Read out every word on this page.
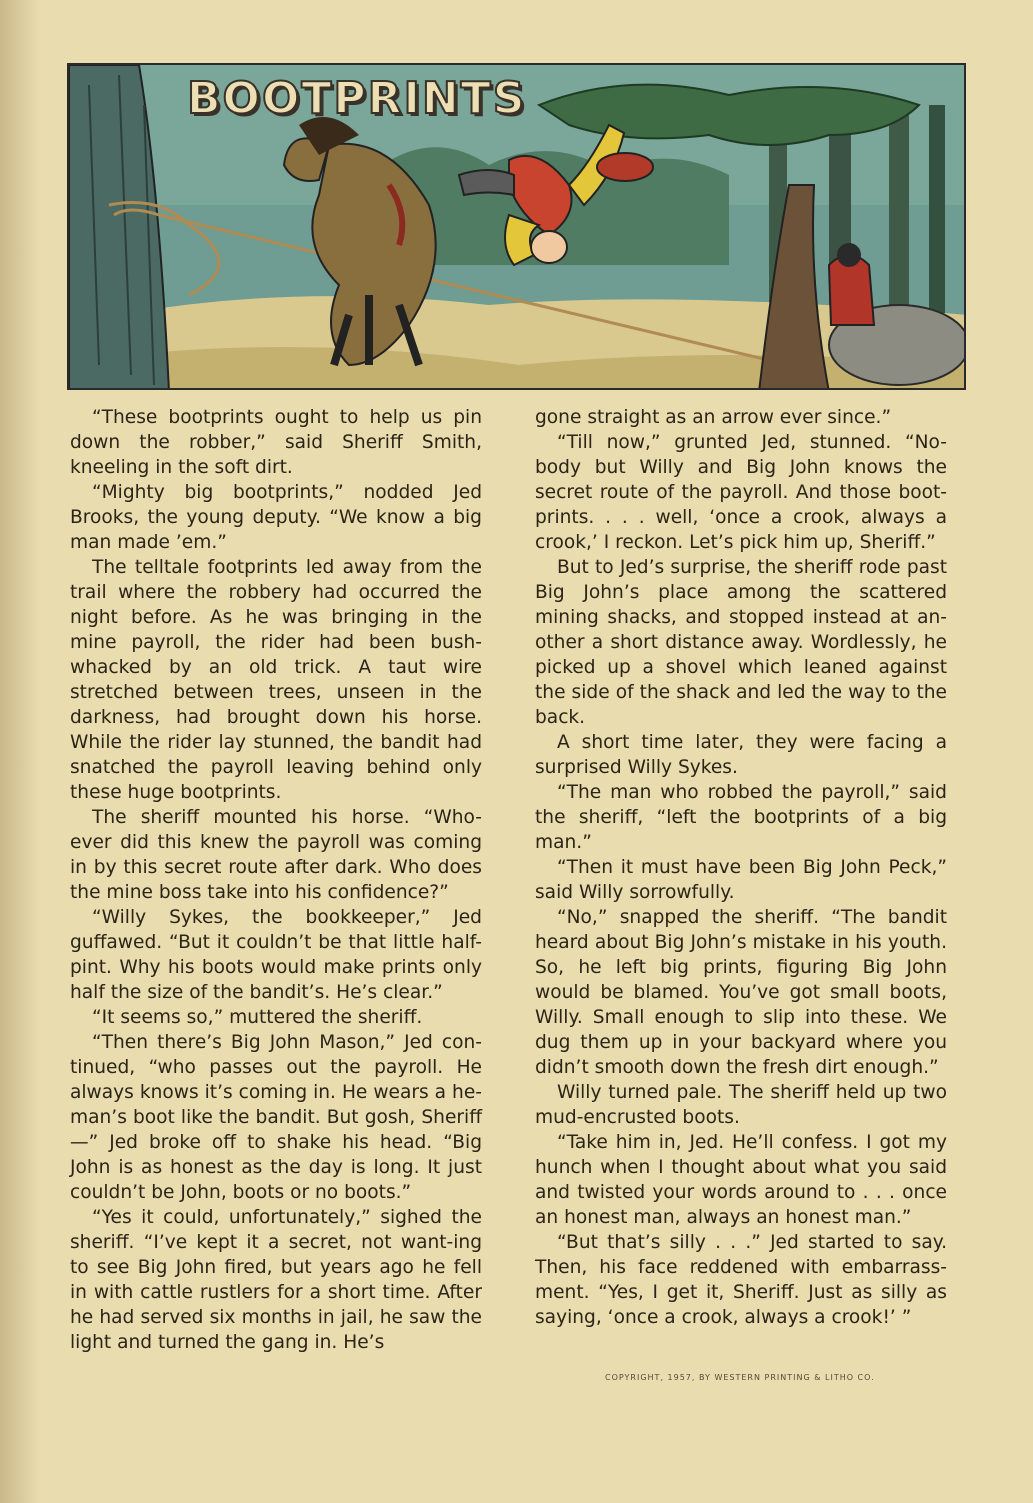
BOOTPRINTS

“These bootprints ought to help us pin down the robber,” said Sheriff Smith, kneeling in the soft dirt.

“Mighty big bootprints,” nodded Jed Brooks, the young deputy. “We know a big man made ’em.”

The telltale footprints led away from the trail where the robbery had occurred the night before. As he was bringing in the mine payroll, the rider had been bush-whacked by an old trick. A taut wire stretched between trees, unseen in the darkness, had brought down his horse. While the rider lay stunned, the bandit had snatched the payroll leaving behind only these huge bootprints.

The sheriff mounted his horse. “Who-ever did this knew the payroll was coming in by this secret route after dark. Who does the mine boss take into his confidence?”

“Willy Sykes, the bookkeeper,” Jed guffawed. “But it couldn’t be that little half-pint. Why his boots would make prints only half the size of the bandit’s. He’s clear.”

“It seems so,” muttered the sheriff.

“Then there’s Big John Mason,” Jed con-tinued, “who passes out the payroll. He always knows it’s coming in. He wears a he-man’s boot like the bandit. But gosh, Sheriff—” Jed broke off to shake his head. “Big John is as honest as the day is long. It just couldn’t be John, boots or no boots.”

“Yes it could, unfortunately,” sighed the sheriff. “I’ve kept it a secret, not want-ing to see Big John fired, but years ago he fell in with cattle rustlers for a short time. After he had served six months in jail, he saw the light and turned the gang in. He’s

gone straight as an arrow ever since.”

“Till now,” grunted Jed, stunned. “No-body but Willy and Big John knows the secret route of the payroll. And those boot-prints. . . . well, ‘once a crook, always a crook,’ I reckon. Let’s pick him up, Sheriff.”

But to Jed’s surprise, the sheriff rode past Big John’s place among the scattered mining shacks, and stopped instead at an-other a short distance away. Wordlessly, he picked up a shovel which leaned against the side of the shack and led the way to the back.

A short time later, they were facing a surprised Willy Sykes.

“The man who robbed the payroll,” said the sheriff, “left the bootprints of a big man.”

“Then it must have been Big John Peck,” said Willy sorrowfully.

“No,” snapped the sheriff. “The bandit heard about Big John’s mistake in his youth. So, he left big prints, figuring Big John would be blamed. You’ve got small boots, Willy. Small enough to slip into these. We dug them up in your backyard where you didn’t smooth down the fresh dirt enough.”

Willy turned pale. The sheriff held up two mud-encrusted boots.

“Take him in, Jed. He’ll confess. I got my hunch when I thought about what you said and twisted your words around to . . . once an honest man, always an honest man.”

“But that’s silly . . .” Jed started to say. Then, his face reddened with embarrass-ment. “Yes, I get it, Sheriff. Just as silly as saying, ‘once a crook, always a crook!’ ”

COPYRIGHT, 1957, BY WESTERN PRINTING & LITHO CO.
